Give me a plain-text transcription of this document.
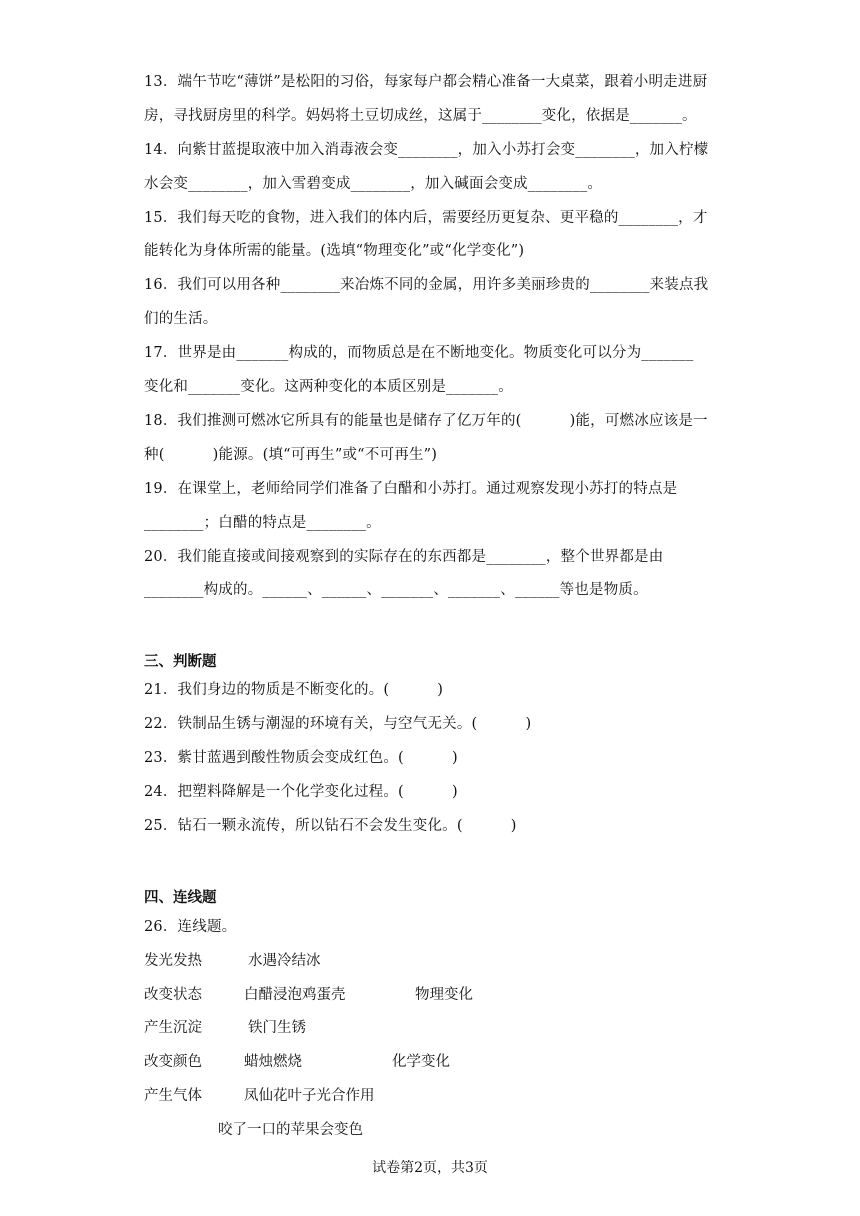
13．端午节吃“薄饼”是松阳的习俗，每家每户都会精心准备一大桌菜，跟着小明走进厨
房，寻找厨房里的科学。妈妈将土豆切成丝，这属于________变化，依据是_______。
14．向紫甘蓝提取液中加入消毒液会变________，加入小苏打会变________，加入柠檬
水会变________，加入雪碧变成________，加入碱面会变成________。
15．我们每天吃的食物，进入我们的体内后，需要经历更复杂、更平稳的________，才
能转化为身体所需的能量。(选填“物理变化”或“化学变化”)
16．我们可以用各种________来冶炼不同的金属，用许多美丽珍贵的________来装点我
们的生活。
17．世界是由_______构成的，而物质总是在不断地变化。物质变化可以分为_______
变化和_______变化。这两种变化的本质区别是_______。
18．我们推测可燃冰它所具有的能量也是储存了亿万年的(          )能，可燃冰应该是一
种(          )能源。(填“可再生”或“不可再生”)
19．在课堂上，老师给同学们准备了白醋和小苏打。通过观察发现小苏打的特点是
________；白醋的特点是________。
20．我们能直接或间接观察到的实际存在的东西都是________，整个世界都是由
________构成的。______、______、_______、_______、______等也是物质。
三、判断题
21．我们身边的物质是不断变化的。(          )
22．铁制品生锈与潮湿的环境有关，与空气无关。(          )
23．紫甘蓝遇到酸性物质会变成红色。(          )
24．把塑料降解是一个化学变化过程。(          )
25．钻石一颗永流传，所以钻石不会发生变化。(          )
四、连线题
26．连线题。
发光发热
改变状态
产生沉淀
改变颜色
产生气体
水遇冷结冰
白醋浸泡鸡蛋壳
铁门生锈
蜡烛燃烧
凤仙花叶子光合作用
咬了一口的苹果会变色
物理变化
化学变化
试卷第2页，共3页
